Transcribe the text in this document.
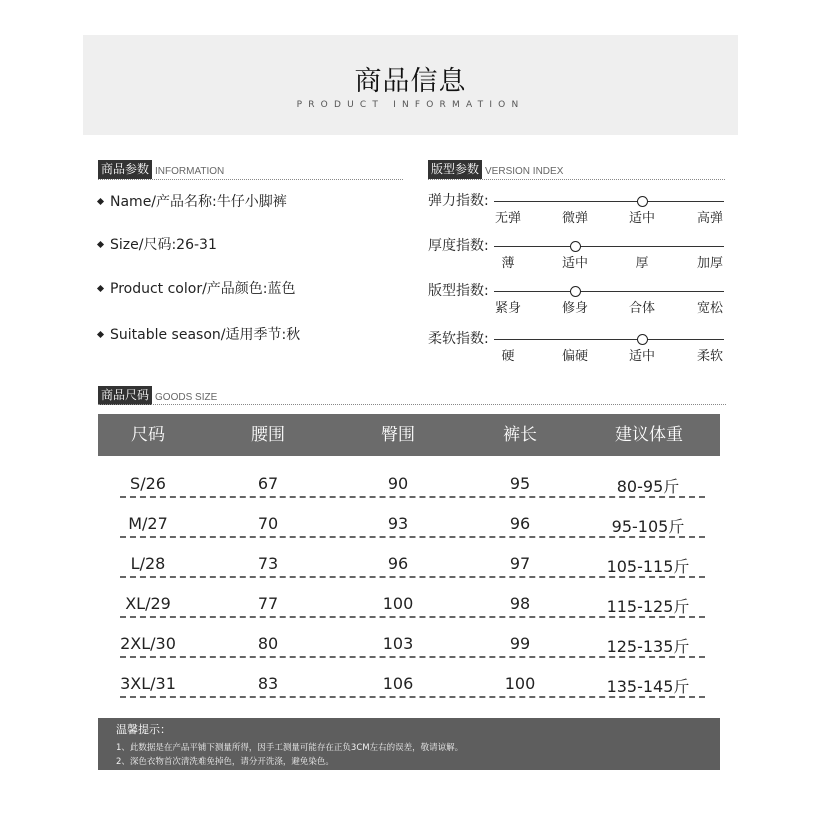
商品信息
PRODUCT INFORMATION
商品参数 INFORMATION
Name/产品名称:牛仔小脚裤
Size/尺码:26-31
Product color/产品颜色:蓝色
Suitable season/适用季节:秋
版型参数 VERSION INDEX
弹力指数:
无弹	微弹	适中	高弹
厚度指数:
薄	适中	厚	加厚
版型指数:
紧身	修身	合体	宽松
柔软指数:
硬	偏硬	适中	柔软
商品尺码 GOODS SIZE
尺码	腰围	臀围	裤长	建议体重
S/26	67	90	95	80-95斤
M/27	70	93	96	95-105斤
L/28	73	96	97	105-115斤
XL/29	77	100	98	115-125斤
2XL/30	80	103	99	125-135斤
3XL/31	83	106	100	135-145斤
温馨提示：
1、此数据是在产品平铺下测量所得，因手工测量可能存在正负3CM左右的误差，敬请谅解。
2、深色衣物首次清洗难免掉色，请分开洗涤，避免染色。
